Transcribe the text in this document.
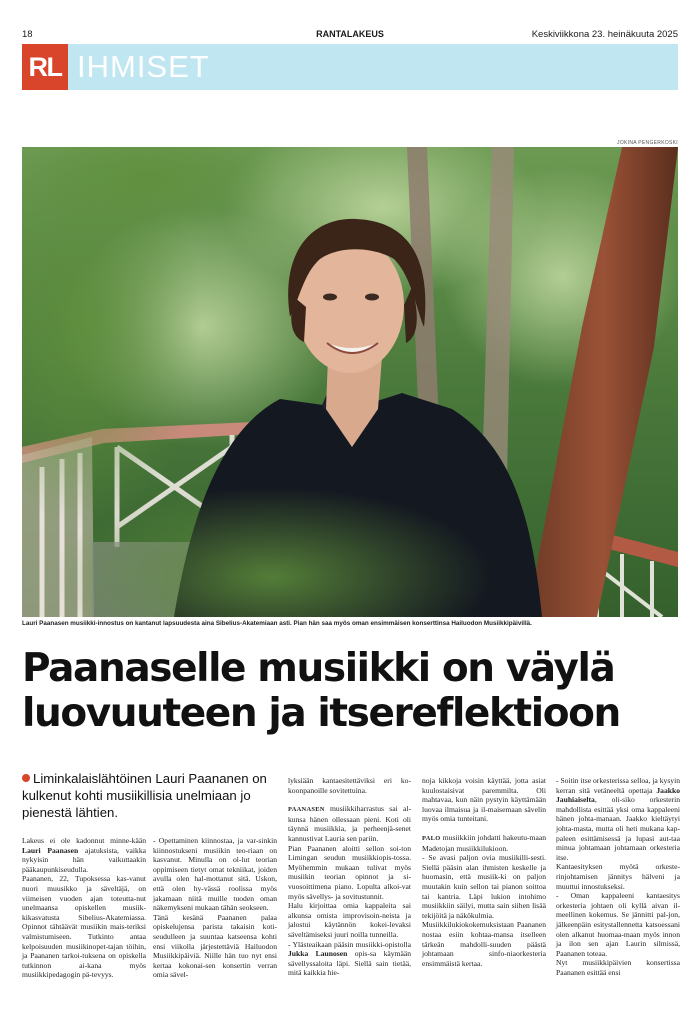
18	RANTALAKEUS	Keskiviikkona 23. heinäkuuta 2025
RL IHMISET
JOKINA PENGERKOSKI
Lauri Paanasen musiikki-innostus on kantanut lapsuudesta aina Sibelius-Akatemiaan asti. Pian hän saa myös oman ensimmäisen konserttinsa Hailuodon Musiikkipäivillä.
Paanaselle musiikki on väylä
luovuuteen ja itsereflektioon
Liminkalaislähtöinen Lauri Paananen on kulkenut kohti musiikillisia unelmiaan jo pienestä lähtien.

Lakeus ei ole kadonnut minne-kään Lauri Paanasen ajatuksista, vaikka nykyisin hän vaikuttaakin pääkaupunkiseudulla.

Paananen, 22, Tupoksessa kas-vanut nuori muusikko ja säveltäjä, on viimeisen vuoden ajan toteutta-nut unelmaansa opiskellen musiik-kikasvatusta Sibelius-Akatemiassa. Opinnot tähtäävät musiikin mais-teriksi valmistumiseen. Tutkinto antaa kelpoisuuden musiikinopet-tajan töihin, ja Paananen tarkoi-tuksena on opiskella tutkinnon ai-kana myös musiikkipedagogin pä-tevyys.

- Opettaminen kiinnostaa, ja var-sinkin kiinnostukseni musiikin teo-riaan on kasvanut. Minulla on ol-lut teorian oppimiseen tietyt omat tekniikat, joiden avulla olen hal-mottanut sitä. Uskon, että olen hy-vässä roolissa myös jakamaan niitä muille tuoden oman näkemykseni mukaan tähän seokseen.

Tänä kesänä Paananen palaa opiskelujensa parista takaisin koti-seudulleen ja suuntaa katseensa kohti ensi viikolla järjestettäviä Hailuodon Musiikkipäiviä. Niille hän tuo nyt ensi kertaa kokonai-sen konsertin verran omia sävel-

lyksiään kantaesitettäviksi eri ko-koonpanoille sovitettuina.

PAANASEN musiikkiharrastus sai al-kunsa hänen ollessaan pieni. Koti oli täynnä musiikkia, ja perheenjä-senet kannustivat Lauria sen pariin.

Pian Paananen aloitti sellon soi-ton Limingan seudun musiikkiopis-tossa. Myöhemmin mukaan tulivat myös musiikin teorian opinnot ja si-vuosoittimena piano. Lopulta alkoi-vat myös sävellys- ja sovitustunnit.

Halu kirjoittaa omia kappaleita sai alkunsa omista improvisoin-neista ja jalostui käytännön kokei-levaksi säveltämiseksi juuri noilla tunneilla.

- Ylästeaikaan pääsin musiikki-opistolla Jukka Launosen opis-sa käymään sävellyssaloita läpi. Siellä sain tietää, mitä kaikkia hie-

noja kikkoja voisin käyttää, jotta asiat kuulostaisivat paremmilta. Oli mahtavaa, kun näin pystyin käyttämään luovaa ilmaisua ja il-maisemaan sävelin myös omia tunteitani.

PALO musiikkiin johdatti hakeutu-maan Madetojan musiikkilukioon.

- Se avasi paljon ovia musiikilli-sesti. Siellä pääsin alan ihmisten keskelle ja huomasin, että musiik-ki on paljon muutakin kuin sellon tai pianon soittoa tai kantria. Läpi lukion intohimo musiikkiin säilyi, mutta sain siihen lisää tekijöitä ja näkökulmia.

Musiikkilukiokokemuksistaan Paananen nostaa esiin kohtaa-mansa itselleen tärkeän mahdolli-suuden päästä johtamaan sinfo-niaorkesteria ensimmäistä kertaa.

- Soitin itse orkesterissa selloa, ja kysyin kerran sitä vetäneeltä opettaja Jaakko Jauhiaiselta, oli-siko orkesterin mahdollista esittää yksi oma kappaleeni hänen johta-manaan. Jaakko kieltäytyi johta-masta, mutta oli heti mukana kap-paleen esittämisessä ja lupasi aut-taa minua johtamaan johtamaan orkesteria itse.

Kantaesityksen myötä orkeste-rinjohtamisen jännitys hälveni ja muuttui innostukseksi.

- Oman kappaleeni kantaesitys orkesteria johtaen oli kyllä aivan il-meellinen kokemus. Se jännitti pal-jon, jälkeenpäin esitystallennetta katsoessani olen alkanut huomaa-maan myös innon ja ilon sen ajan Laurin silmissä, Paananen toteaa.

Nyt musiikkipäivien konsertissa Paananen esittää ensi
